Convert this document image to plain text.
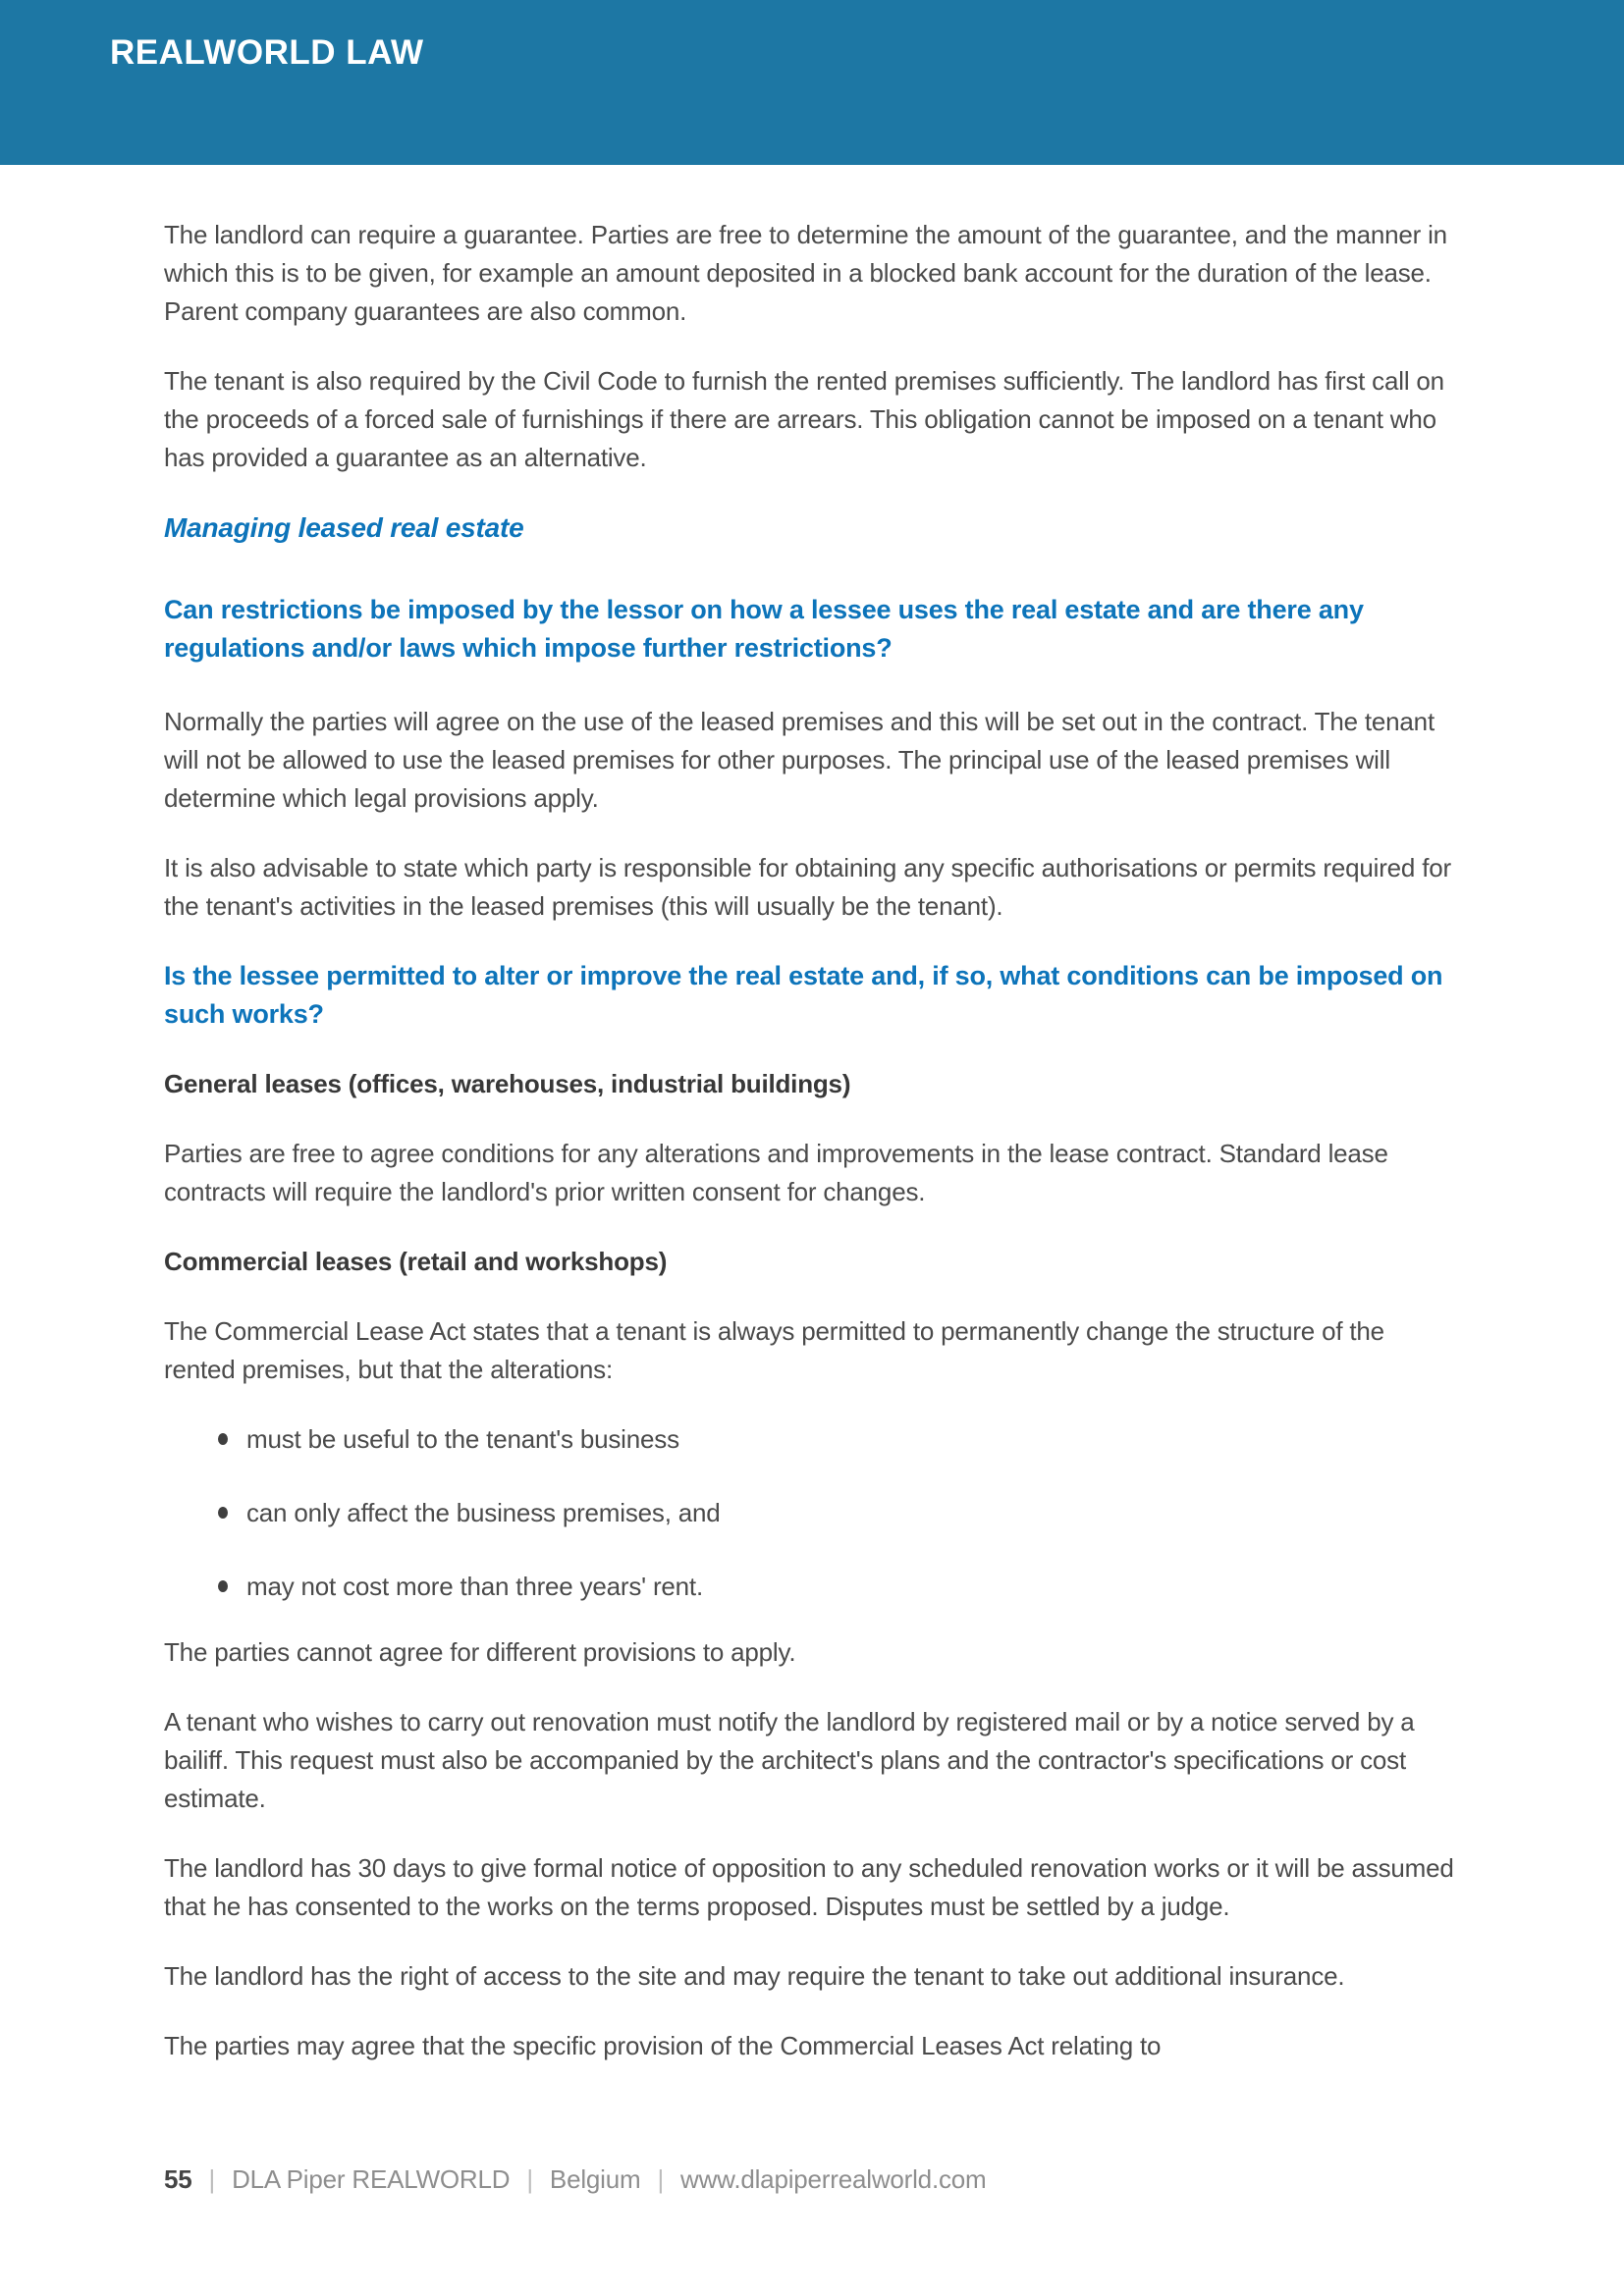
REALWORLD LAW

The landlord can require a guarantee. Parties are free to determine the amount of the guarantee, and the manner in which this is to be given, for example an amount deposited in a blocked bank account for the duration of the lease. Parent company guarantees are also common.

The tenant is also required by the Civil Code to furnish the rented premises sufficiently. The landlord has first call on the proceeds of a forced sale of furnishings if there are arrears. This obligation cannot be imposed on a tenant who has provided a guarantee as an alternative.

Managing leased real estate
Can restrictions be imposed by the lessor on how a lessee uses the real estate and are there any regulations and/or laws which impose further restrictions?

Normally the parties will agree on the use of the leased premises and this will be set out in the contract. The tenant will not be allowed to use the leased premises for other purposes. The principal use of the leased premises will determine which legal provisions apply.

It is also advisable to state which party is responsible for obtaining any specific authorisations or permits required for the tenant's activities in the leased premises (this will usually be the tenant).

Is the lessee permitted to alter or improve the real estate and, if so, what conditions can be imposed on such works?
General leases (offices, warehouses, industrial buildings)

Parties are free to agree conditions for any alterations and improvements in the lease contract. Standard lease contracts will require the landlord's prior written consent for changes.

Commercial leases (retail and workshops)

The Commercial Lease Act states that a tenant is always permitted to permanently change the structure of the rented premises, but that the alterations:

must be useful to the tenant's business
can only affect the business premises, and
may not cost more than three years' rent.

The parties cannot agree for different provisions to apply.

A tenant who wishes to carry out renovation must notify the landlord by registered mail or by a notice served by a bailiff. This request must also be accompanied by the architect's plans and the contractor's specifications or cost estimate.

The landlord has 30 days to give formal notice of opposition to any scheduled renovation works or it will be assumed that he has consented to the works on the terms proposed. Disputes must be settled by a judge.

The landlord has the right of access to the site and may require the tenant to take out additional insurance.

The parties may agree that the specific provision of the Commercial Leases Act relating to

55 | DLA Piper REALWORLD | Belgium | www.dlapiperrealworld.com
